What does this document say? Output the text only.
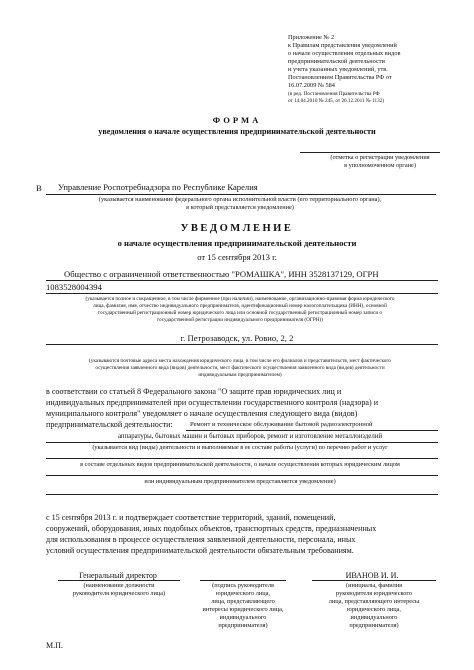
Приложение № 2
к Правилам представления уведомлений
о начале осуществления отдельных видов
предпринимательской деятельности
и учета указанных уведомлений, утв.
Постановлением Правительства РФ от
16.07.2009 № 584
(в ред. Постановления Правительства РФ
от 14.04.2010 № 245, от 26.12.2011 № 1132)
ФОРМА
уведомления о начале осуществления предпринимательской деятельности
(отметка о регистрации уведомления
в уполномоченном органе)
В Управление Роспотребнадзора по Республике Карелия
(указывается наименование федерального органа исполнительной власти (его территориального органа),
в который представляется уведомление)
УВЕДОМЛЕНИЕ
о начале осуществления предпринимательской деятельности
от 15 сентября 2013 г.
Общество с ограниченной ответственностью "РОМАШКА", ИНН 3528137129, ОГРН
1083528004394
(указывается полное и сокращенное, в том числе фирменное (при наличии), наименование, организационно-правовая форма юридического
лица, фамилия, имя, отчество индивидуального предпринимателя, идентификационный номер налогоплательщика (ИНН), основной
государственный регистрационный номер юридического лица или основной государственный регистрационный номер записи о
государственной регистрации индивидуального предпринимателя (ОГРН))
г. Петрозаводск, ул. Ровио, 2, 2
(указываются почтовые адреса места нахождения юридического лица, в том числе его филиалов и представительств, мест фактического
осуществления заявленного вида (видов) деятельности, мест фактического осуществления заявленного вида (видов) деятельности
индивидуальным предпринимателем)
в соответствии со статьей 8 Федерального закона "О защите прав юридических лиц и
индивидуальных предпринимателей при осуществлении государственного контроля (надзора) и
муниципального контроля" уведомляет о начале осуществления следующего вида (видов)
предпринимательской деятельности:	Ремонт и техническое обслуживание бытовой радиоэлектронной
аппаратуры, бытовых машин и бытовых приборов, ремонт и изготовление металлоизделий
(указывается вид (виды) деятельности и выполняемые в ее составе работы (услуги) по перечню работ и услуг
в составе отдельных видов предпринимательской деятельности, о начале осуществления которых юридическим лицом
или индивидуальным предпринимателем представляется уведомление)
с 15 сентября 2013 г. и подтверждает соответствие территорий, зданий, помещений,
сооружений, оборудования, иных подобных объектов, транспортных средств, предназначенных
для использования в процессе осуществления заявленной деятельности, персонала, иных
условий осуществления предпринимательской деятельности обязательным требованиям.
Генеральный директор
(наименование должности
руководителя юридического лица)
(подпись руководителя
юридического лица,
лица, представляющего
интересы юридического лица,
индивидуального
предпринимателя)
ИВАНОВ И. И.
(инициалы, фамилия
руководителя юридического
лица, представляющего интересы
юридического лица,
индивидуального
предпринимателя)
М.П.
